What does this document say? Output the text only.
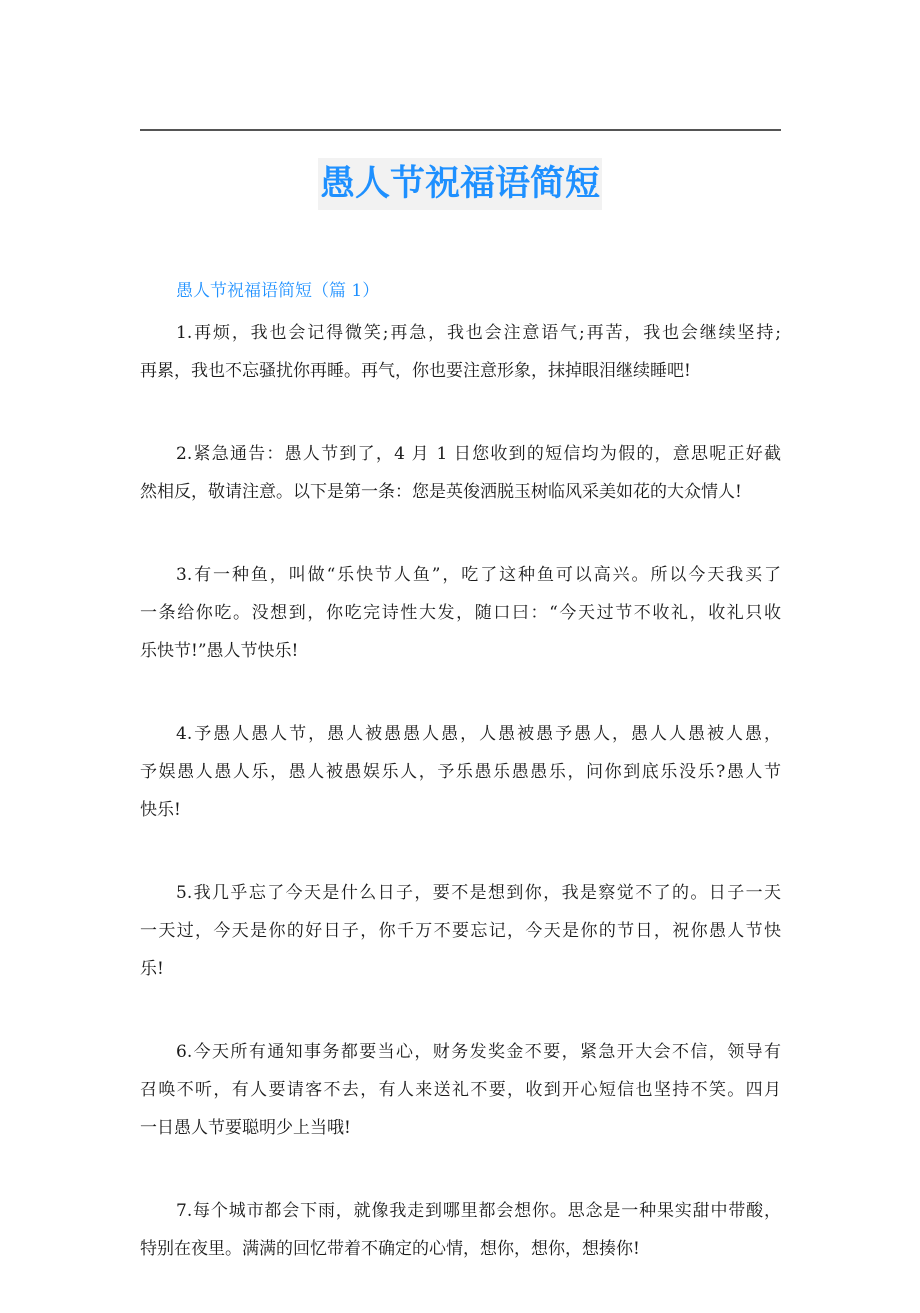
愚人节祝福语简短
愚人节祝福语简短（篇 1）
1.再烦，我也会记得微笑;再急，我也会注意语气;再苦，我也会继续坚持;
再累，我也不忘骚扰你再睡。再气，你也要注意形象，抹掉眼泪继续睡吧!
2.紧急通告：愚人节到了，4 月 1 日您收到的短信均为假的，意思呢正好截
然相反，敬请注意。以下是第一条：您是英俊洒脱玉树临风采美如花的大众情人!
3.有一种鱼，叫做“乐快节人鱼”，吃了这种鱼可以高兴。所以今天我买了
一条给你吃。没想到，你吃完诗性大发，随口曰：“今天过节不收礼，收礼只收
乐快节!”愚人节快乐!
4.予愚人愚人节，愚人被愚愚人愚，人愚被愚予愚人，愚人人愚被人愚，
予娱愚人愚人乐，愚人被愚娱乐人，予乐愚乐愚愚乐，问你到底乐没乐?愚人节
快乐!
5.我几乎忘了今天是什么日子，要不是想到你，我是察觉不了的。日子一天
一天过，今天是你的好日子，你千万不要忘记，今天是你的节日，祝你愚人节快
乐!
6.今天所有通知事务都要当心，财务发奖金不要，紧急开大会不信，领导有
召唤不听，有人要请客不去，有人来送礼不要，收到开心短信也坚持不笑。四月
一日愚人节要聪明少上当哦!
7.每个城市都会下雨，就像我走到哪里都会想你。思念是一种果实甜中带酸，
特别在夜里。满满的回忆带着不确定的心情，想你，想你，想揍你!
